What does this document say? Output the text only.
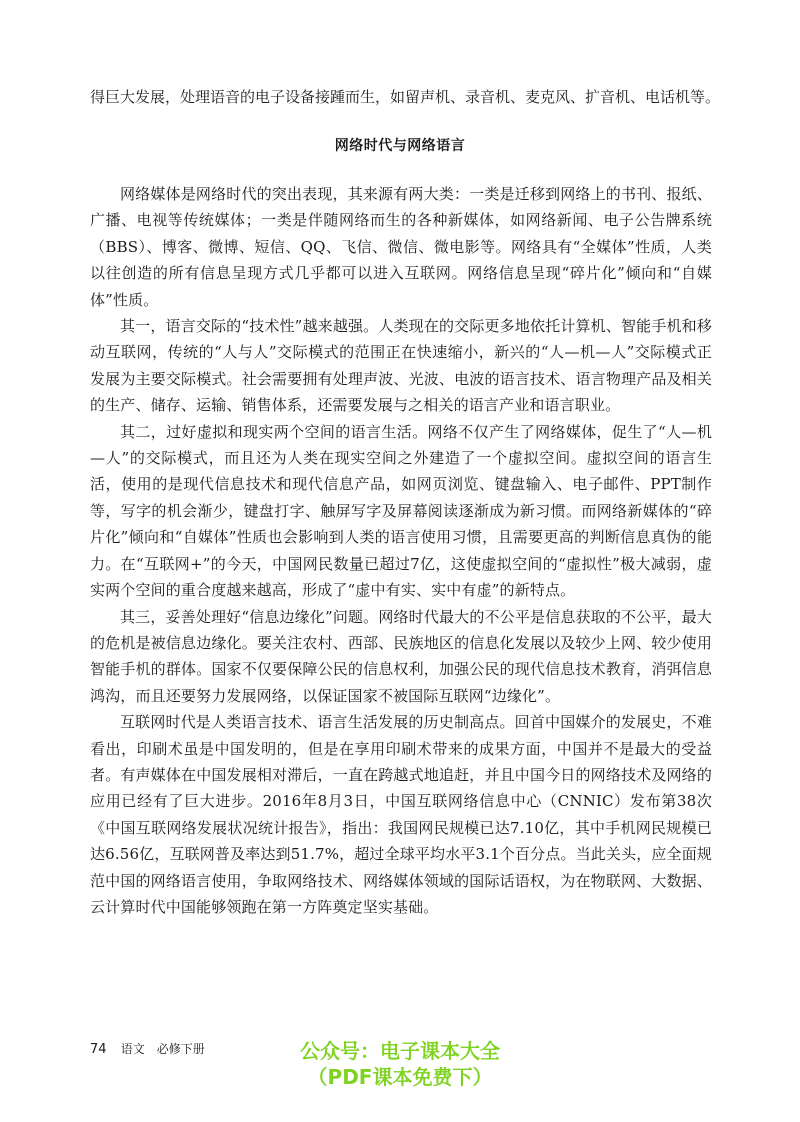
得巨大发展，处理语音的电子设备接踵而生，如留声机、录音机、麦克风、扩音机、电话机等。
网络时代与网络语言

网络媒体是网络时代的突出表现，其来源有两大类：一类是迁移到网络上的书刊、报纸、广播、电视等传统媒体；一类是伴随网络而生的各种新媒体，如网络新闻、电子公告牌系统（BBS）、博客、微博、短信、QQ、飞信、微信、微电影等。网络具有“全媒体”性质，人类以往创造的所有信息呈现方式几乎都可以进入互联网。网络信息呈现“碎片化”倾向和“自媒体”性质。

其一，语言交际的“技术性”越来越强。人类现在的交际更多地依托计算机、智能手机和移动互联网，传统的“人与人”交际模式的范围正在快速缩小，新兴的“人—机—人”交际模式正发展为主要交际模式。社会需要拥有处理声波、光波、电波的语言技术、语言物理产品及相关的生产、储存、运输、销售体系，还需要发展与之相关的语言产业和语言职业。

其二，过好虚拟和现实两个空间的语言生活。网络不仅产生了网络媒体，促生了“人—机—人”的交际模式，而且还为人类在现实空间之外建造了一个虚拟空间。虚拟空间的语言生活，使用的是现代信息技术和现代信息产品，如网页浏览、键盘输入、电子邮件、PPT制作等，写字的机会渐少，键盘打字、触屏写字及屏幕阅读逐渐成为新习惯。而网络新媒体的“碎片化”倾向和“自媒体”性质也会影响到人类的语言使用习惯，且需要更高的判断信息真伪的能力。在“互联网+”的今天，中国网民数量已超过7亿，这使虚拟空间的“虚拟性”极大减弱，虚实两个空间的重合度越来越高，形成了“虚中有实、实中有虚”的新特点。

其三，妥善处理好“信息边缘化”问题。网络时代最大的不公平是信息获取的不公平，最大的危机是被信息边缘化。要关注农村、西部、民族地区的信息化发展以及较少上网、较少使用智能手机的群体。国家不仅要保障公民的信息权利，加强公民的现代信息技术教育，消弭信息鸿沟，而且还要努力发展网络，以保证国家不被国际互联网“边缘化”。

互联网时代是人类语言技术、语言生活发展的历史制高点。回首中国媒介的发展史，不难看出，印刷术虽是中国发明的，但是在享用印刷术带来的成果方面，中国并不是最大的受益者。有声媒体在中国发展相对滞后，一直在跨越式地追赶，并且中国今日的网络技术及网络的应用已经有了巨大进步。2016年8月3日，中国互联网络信息中心（CNNIC）发布第38次《中国互联网络发展状况统计报告》，指出：我国网民规模已达7.10亿，其中手机网民规模已达6.56亿，互联网普及率达到51.7%，超过全球平均水平3.1个百分点。当此关头，应全面规范中国的网络语言使用，争取网络技术、网络媒体领域的国际话语权，为在物联网、大数据、云计算时代中国能够领跑在第一方阵奠定坚实基础。

74 语文　必修下册	公众号：电子课本大全
（PDF课本免费下）
